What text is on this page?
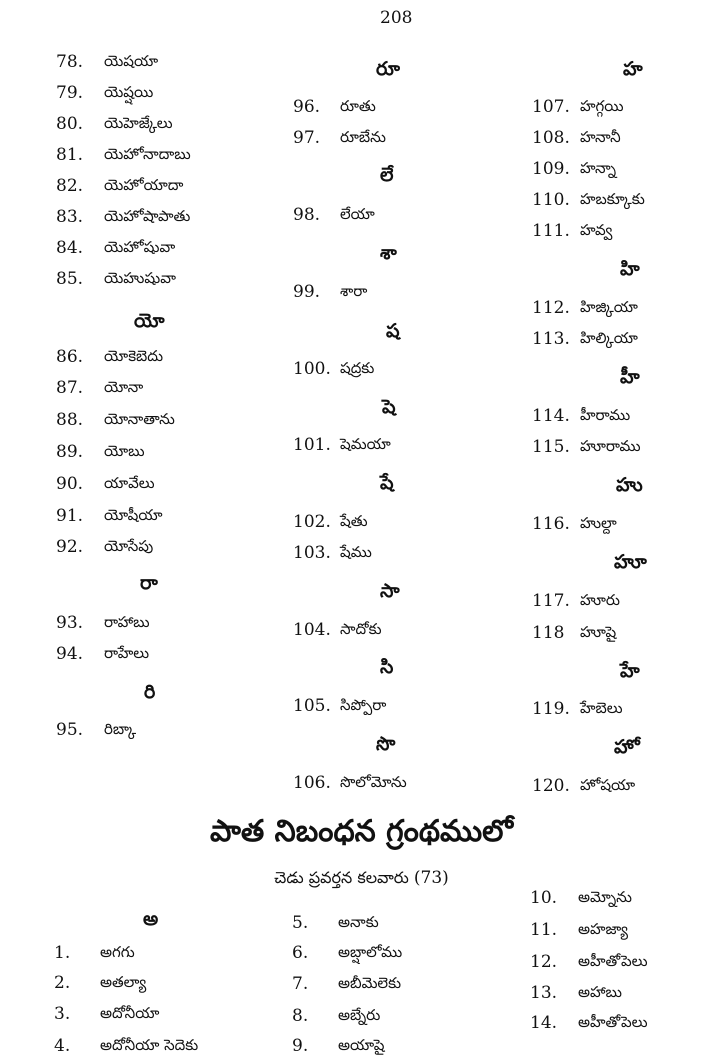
208
78. యెషయా
79. యెష్షయి
80. యెహెజ్కేలు
81. యెహోనాదాబు
82. యెహోయాదా
83. యెహోషాపాతు
84. యెహోషువా
85. యెహుషువా
యో
86. యోకెబెదు
87. యోనా
88. యోనాతాను
89. యోబు
90. యావేలు
91. యోషీయా
92. యోసేపు
రా
93. రాహాబు
94. రాహేలు
రి
95. రిబ్కా
రూ
96. రూతు
97. రూబేను
లే
98. లేయా
శా
99. శారా
ష
100. షద్రకు
షె
101. షెమయా
షే
102. షేతు
103. షేము
సా
104. సాదోకు
సి
105. సిప్పోరా
సొ
106. సొలోమోను
హ
107. హగ్గయి
108. హనానీ
109. హన్నా
110. హబక్కూకు
111. హవ్వ
హి
112. హిజ్కియా
113. హిల్కియా
హీ
114. హీరాము
115. హూరాము
హు
116. హుల్దా
హూ
117. హూరు
118 హూషై
హే
119. హేబెలు
హో
120. హోషయా
పాత నిబంధన గ్రంథములో
చెడు ప్రవర్తన కలవారు (73)
అ
1. అగగు
2. అతల్యా
3. అదోనీయా
4. అదోనీయా సెదెకు
5. అనాకు
6. అబ్షాలోము
7. అబీమెలెకు
8. అబ్నేరు
9. అయాషై
10. అమ్నోను
11. అహజ్యా
12. అహీతోపెలు
13. అహాబు
14. అహీతోపెలు
